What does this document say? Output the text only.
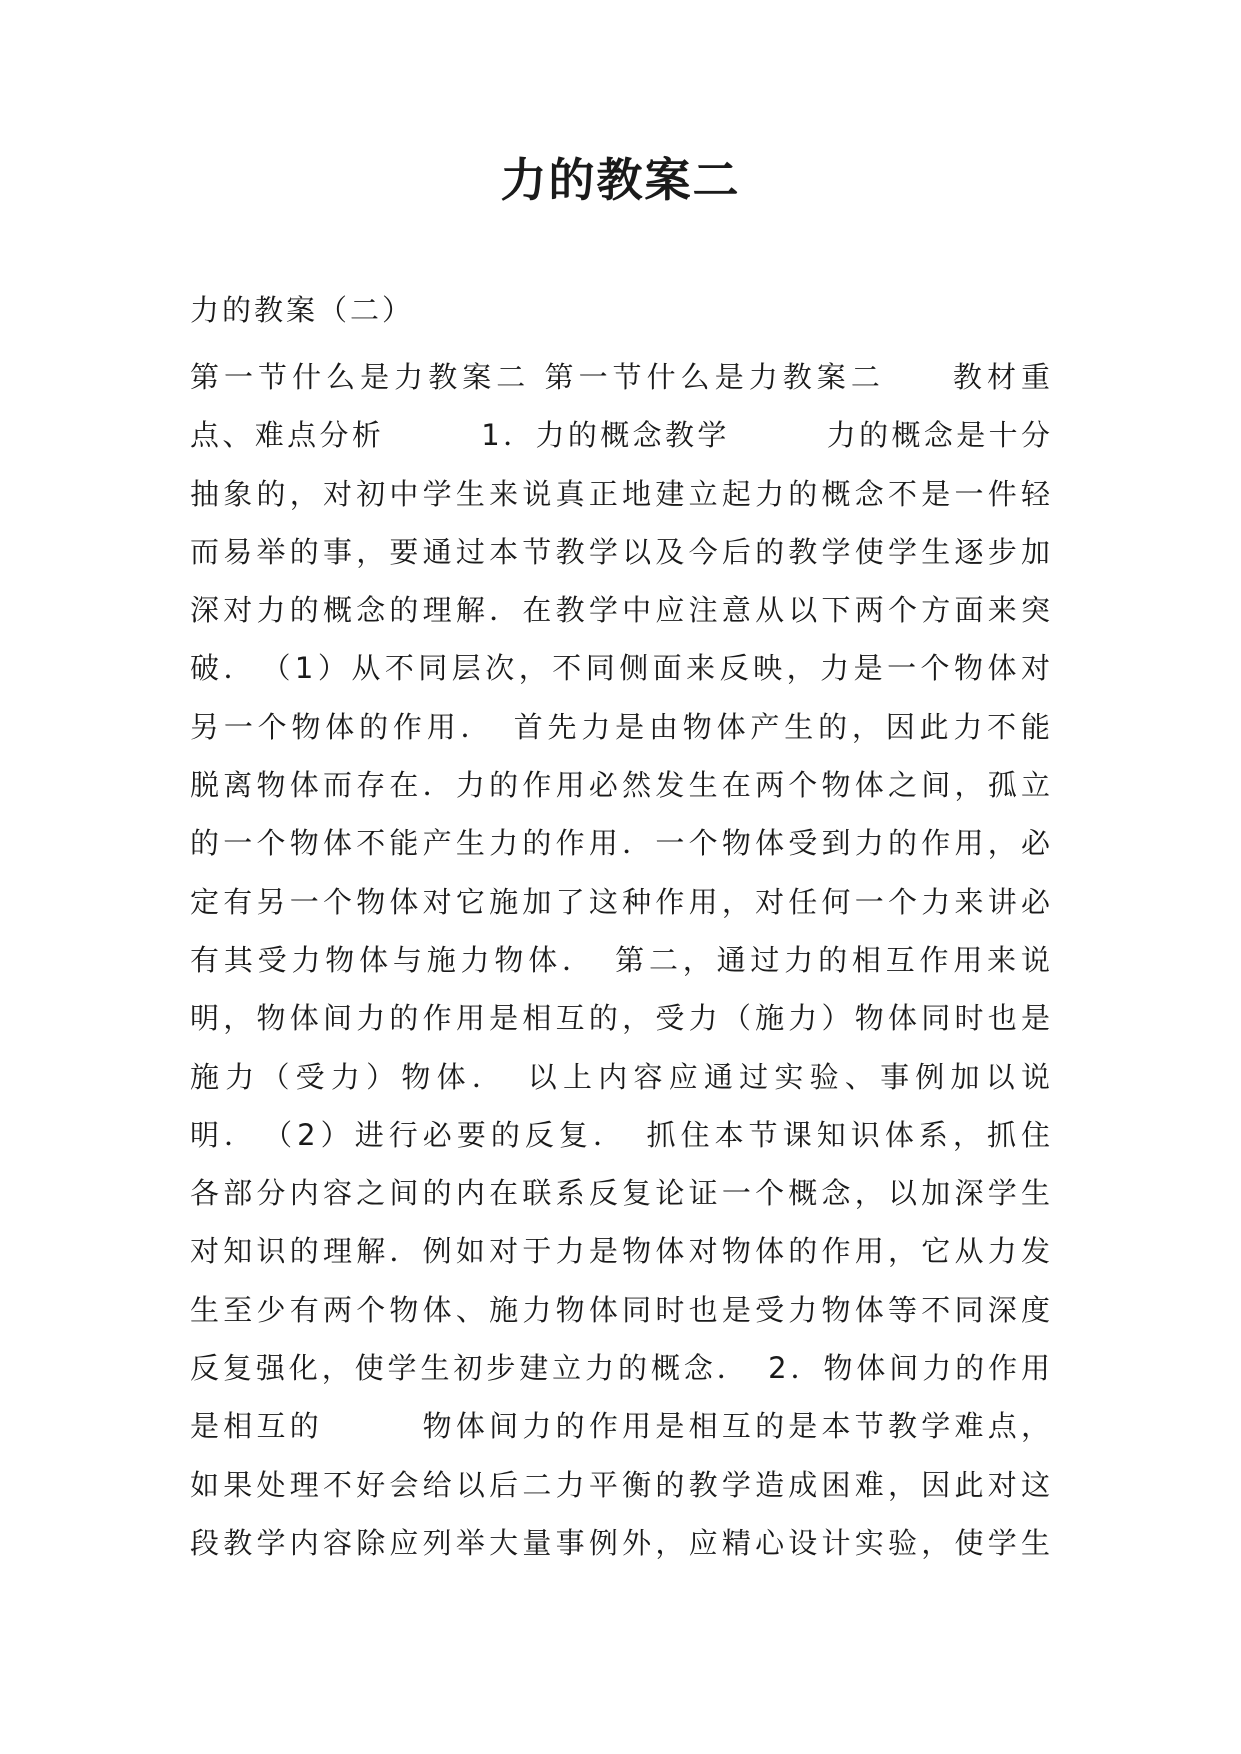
力的教案二
力的教案（二）
第一节什么是力教案二 第一节什么是力教案二　　教材重
点、难点分析　　　1．力的概念教学　　　力的概念是十分
抽象的，对初中学生来说真正地建立起力的概念不是一件轻
而易举的事，要通过本节教学以及今后的教学使学生逐步加
深对力的概念的理解．在教学中应注意从以下两个方面来突
破．　（1）从不同层次，不同侧面来反映，力是一个物体对
另一个物体的作用．　首先力是由物体产生的，因此力不能
脱离物体而存在．力的作用必然发生在两个物体之间，孤立
的一个物体不能产生力的作用．一个物体受到力的作用，必
定有另一个物体对它施加了这种作用，对任何一个力来讲必
有其受力物体与施力物体．　第二，通过力的相互作用来说
明，物体间力的作用是相互的，受力（施力）物体同时也是
施力（受力）物体．　以上内容应通过实验、事例加以说
明．　（2）进行必要的反复．　抓住本节课知识体系，抓住
各部分内容之间的内在联系反复论证一个概念，以加深学生
对知识的理解．例如对于力是物体对物体的作用，它从力发
生至少有两个物体、施力物体同时也是受力物体等不同深度
反复强化，使学生初步建立力的概念．　2．物体间力的作用
是相互的　　　物体间力的作用是相互的是本节教学难点，
如果处理不好会给以后二力平衡的教学造成困难，因此对这
段教学内容除应列举大量事例外，应精心设计实验，使学生
